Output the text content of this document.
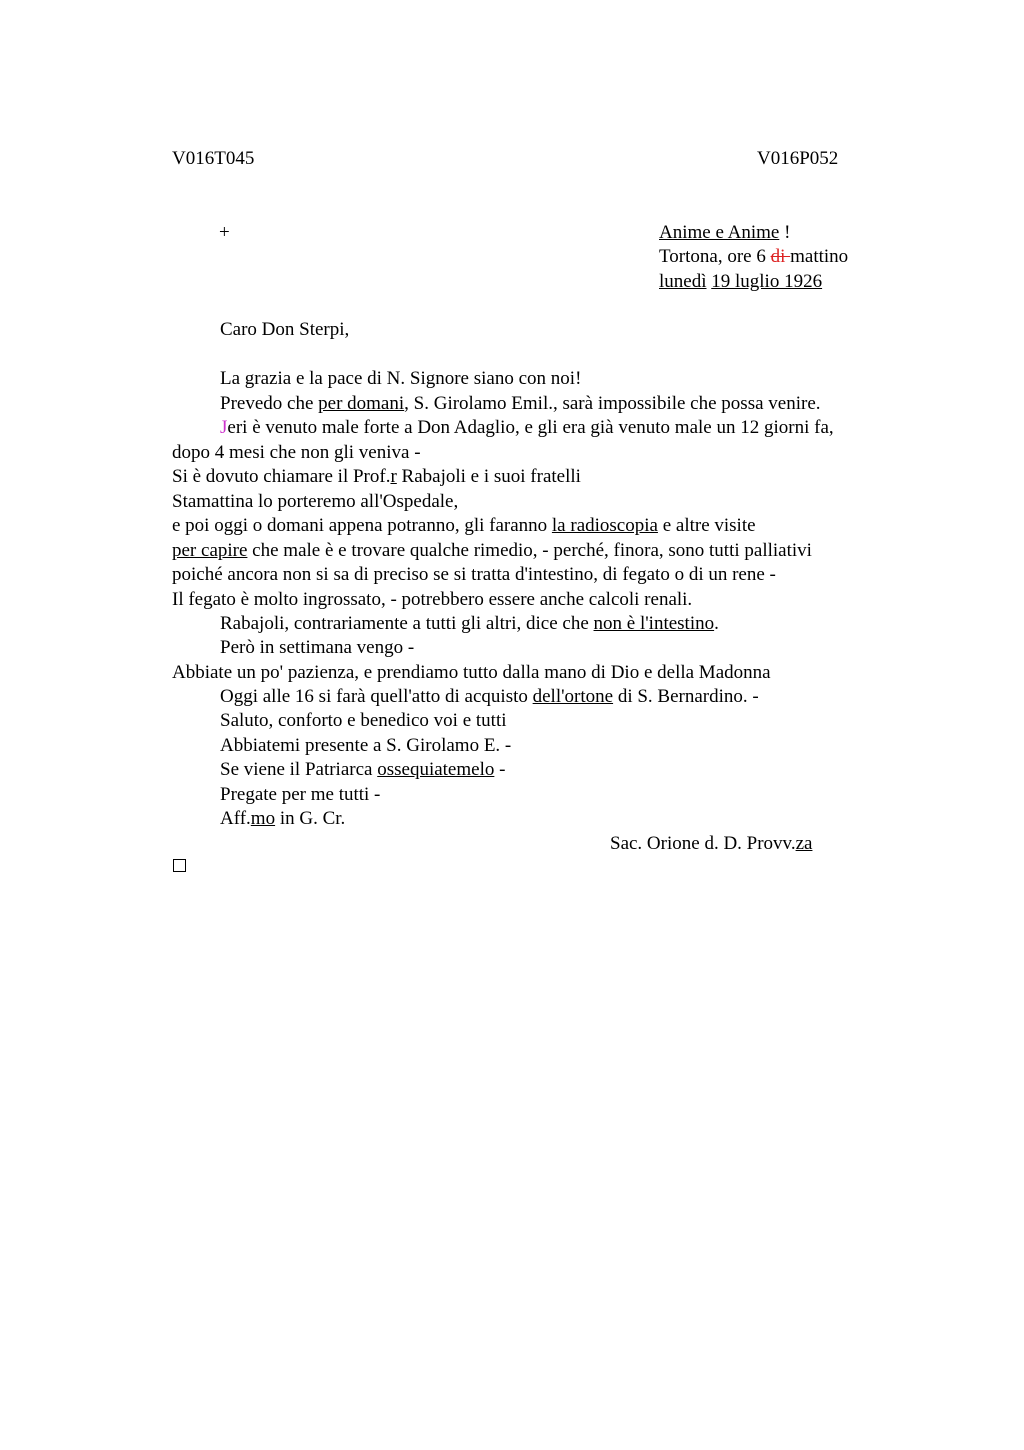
V016T045	V016P052
+	Anime e Anime !
Tortona, ore 6 di mattino
lunedì 19 luglio 1926
Caro Don Sterpi,
La grazia e la pace di N. Signore siano con noi!
Prevedo che per domani, S. Girolamo Emil., sarà impossibile che possa venire.
Jeri è venuto male forte a Don Adaglio, e gli era già venuto male un 12 giorni fa,
dopo 4 mesi che non gli veniva -
Si è dovuto chiamare il Prof.r Rabajoli e i suoi fratelli
Stamattina lo porteremo all'Ospedale,
e poi oggi o domani appena potranno, gli faranno la radioscopia e altre visite
per capire che male è e trovare qualche rimedio, - perché, finora, sono tutti palliativi
poiché ancora non si sa di preciso se si tratta d'intestino, di fegato o di un rene -
Il fegato è molto ingrossato, - potrebbero essere anche calcoli renali.
Rabajoli, contrariamente a tutti gli altri, dice che non è l'intestino.
Però in settimana vengo -
Abbiate un po' pazienza, e prendiamo tutto dalla mano di Dio e della Madonna
Oggi alle 16 si farà quell'atto di acquisto dell'ortone di S. Bernardino. -
Saluto, conforto e benedico voi e tutti
Abbiatemi presente a S. Girolamo E. -
Se viene il Patriarca ossequiatemelo -
Pregate per me tutti -
Aff.mo in G. Cr.
Sac. Orione d. D. Provv.za
